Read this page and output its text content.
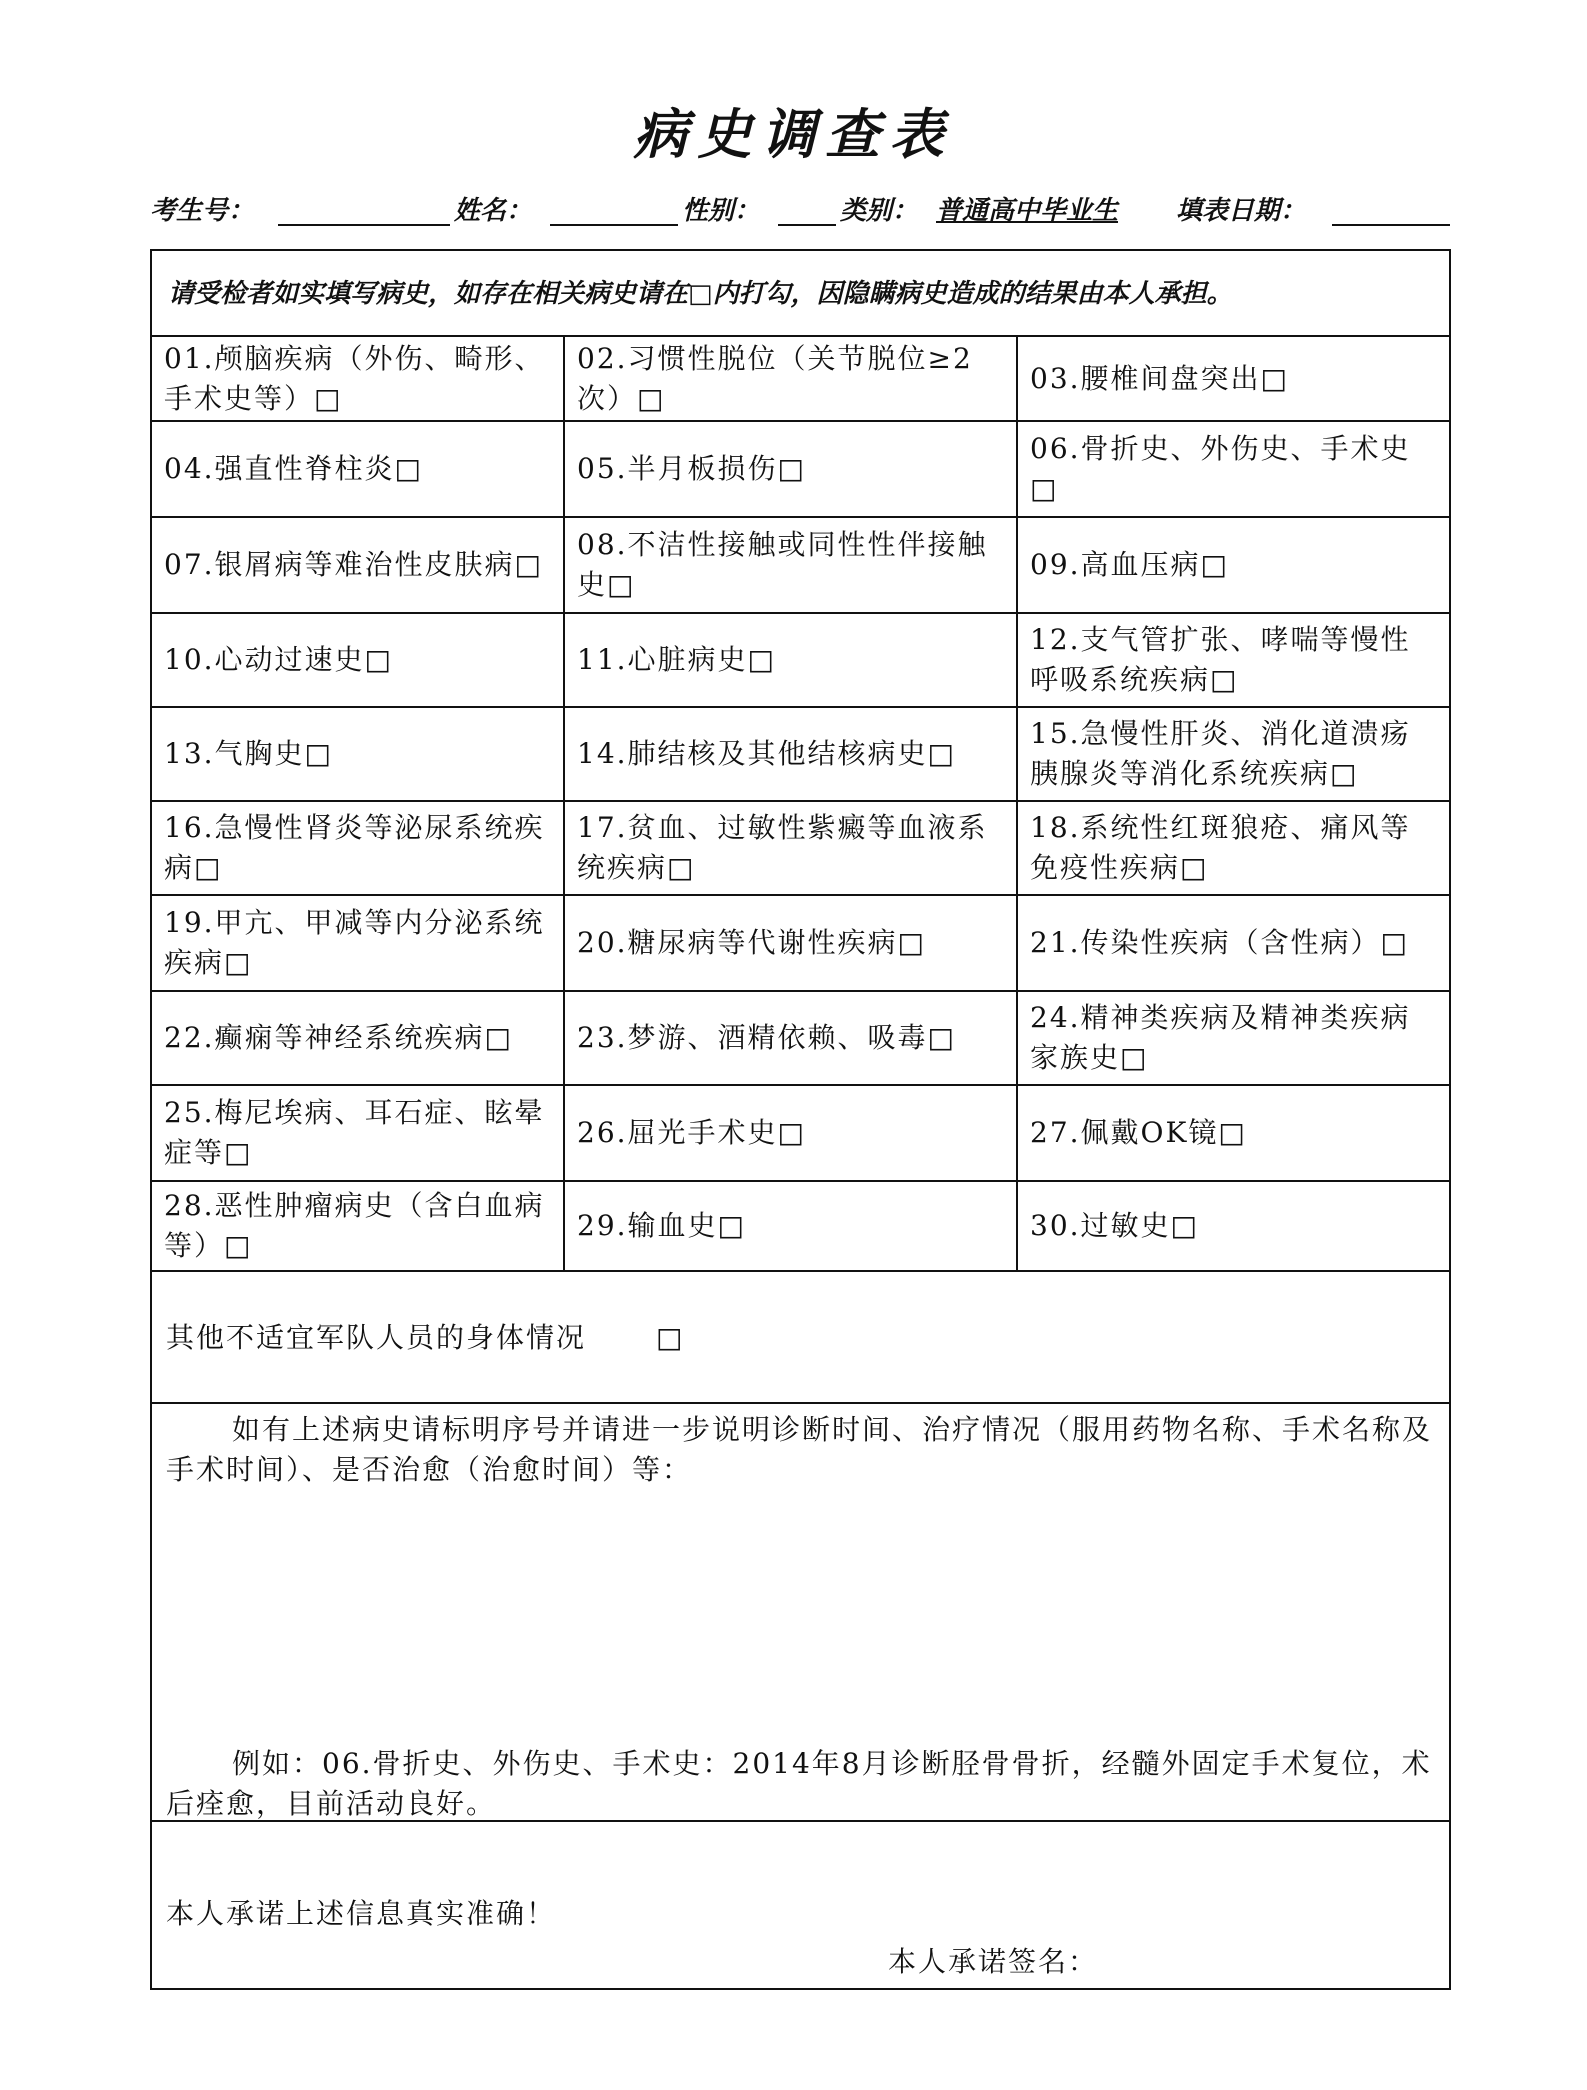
病史调查表
考生号：	姓名：	性别：	类别： 普通高中毕业生 填表日期：
请受检者如实填写病史，如存在相关病史请在□内打勾，因隐瞒病史造成的结果由本人承担。
01.颅脑疾病（外伤、畸形、手术史等）□	02.习惯性脱位（关节脱位≥2次）□	03.腰椎间盘突出□
04.强直性脊柱炎□	05.半月板损伤□	06.骨折史、外伤史、手术史□
07.银屑病等难治性皮肤病□	08.不洁性接触或同性性伴接触史□	09.高血压病□
10.心动过速史□	11.心脏病史□	12.支气管扩张、哮喘等慢性呼吸系统疾病□
13.气胸史□	14.肺结核及其他结核病史□	15.急慢性肝炎、消化道溃疡胰腺炎等消化系统疾病□
16.急慢性肾炎等泌尿系统疾病□	17.贫血、过敏性紫癜等血液系统疾病□	18.系统性红斑狼疮、痛风等免疫性疾病□
19.甲亢、甲减等内分泌系统疾病□	20.糖尿病等代谢性疾病□	21.传染性疾病（含性病）□
22.癫痫等神经系统疾病□	23.梦游、酒精依赖、吸毒□	24.精神类疾病及精神类疾病家族史□
25.梅尼埃病、耳石症、眩晕症等□	26.屈光手术史□	27.佩戴OK镜□
28.恶性肿瘤病史（含白血病等）□	29.输血史□	30.过敏史□
其他不适宜军队人员的身体情况	□

如有上述病史请标明序号并请进一步说明诊断时间、治疗情况（服用药物名称、手术名称及手术时间）、是否治愈（治愈时间）等：

例如：06.骨折史、外伤史、手术史：2014年8月诊断胫骨骨折，经髓外固定手术复位，术后痊愈，目前活动良好。

本人承诺上述信息真实准确！
本人承诺签名：
